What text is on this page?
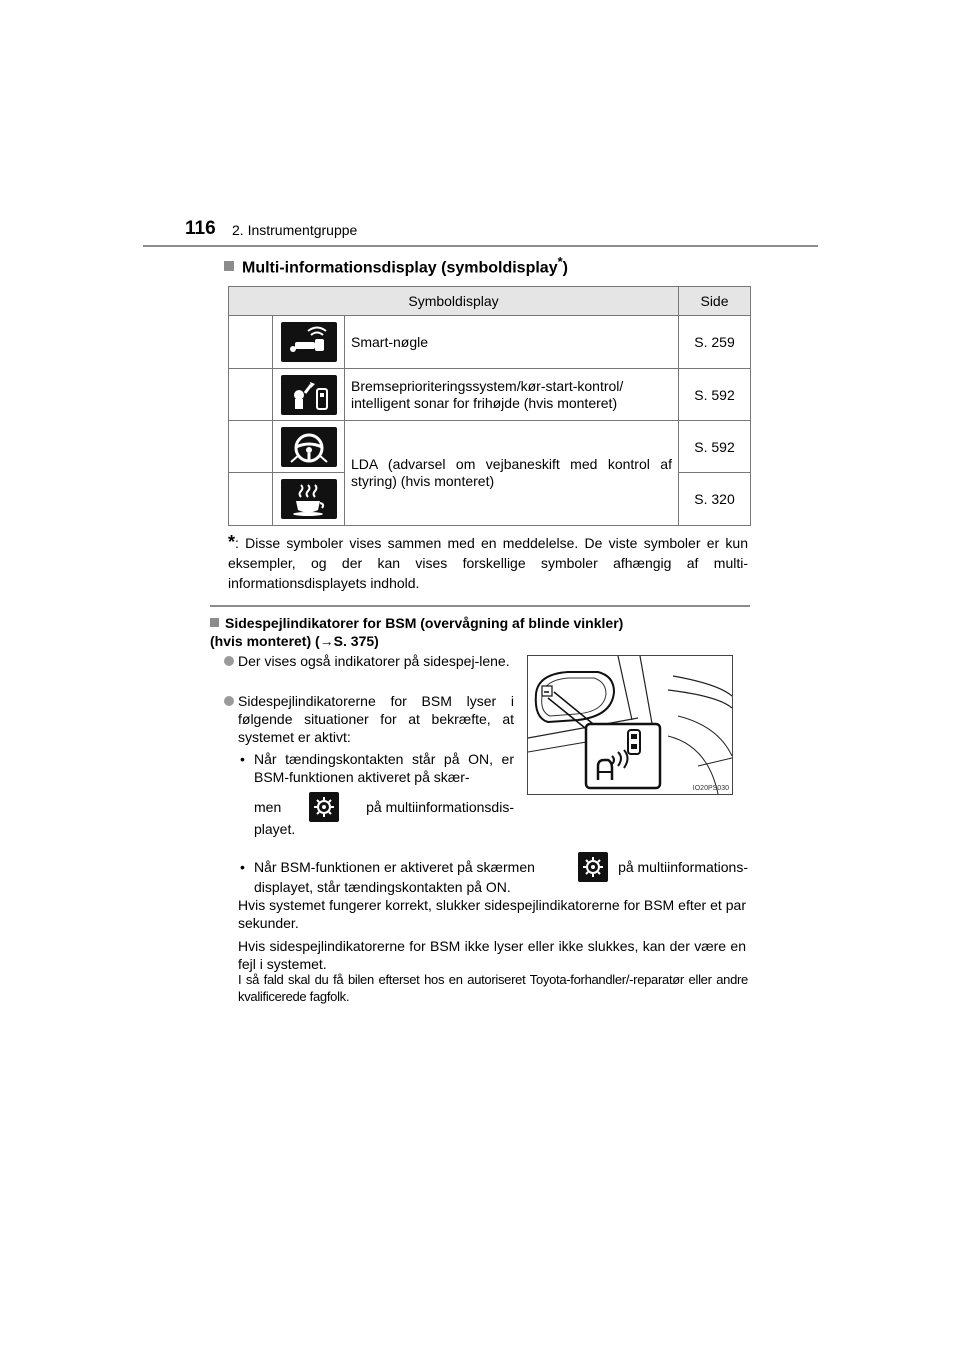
116 2. Instrumentgruppe
Multi-informationsdisplay (symboldisplay*)
Symboldisplay			Side

	Smart-nøgle	S. 259

Bremseprioriteringssystem/kør-start-kontrol/ intelligent sonar for frihøjde (hvis monteret)	S. 592

LDA (advarsel om vejbaneskift med kontrol af styring) (hvis monteret)	S. 592

	S. 320
*: Disse symboler vises sammen med en meddelelse. De viste symboler er kun eksempler, og der kan vises forskellige symboler afhængig af multi-informationsdisplayets indhold.
Sidespejlindikatorer for BSM (overvågning af blinde vinkler)
(hvis monteret) (→S. 375)
Der vises også indikatorer på sidespej-lene.
Sidespejlindikatorerne for BSM lyser i følgende situationer for at bekræfte, at systemet er aktivt:
• Når tændingskontakten står på ON, er BSM-funktionen aktiveret på skær-
men	på multiinformationsdis-
playet.
IO20PS030
• Når BSM-funktionen er aktiveret på skærmen	på multiinformations-
displayet, står tændingskontakten på ON.
Hvis systemet fungerer korrekt, slukker sidespejlindikatorerne for BSM efter et par sekunder.
Hvis sidespejlindikatorerne for BSM ikke lyser eller ikke slukkes, kan der være en fejl i systemet.
I så fald skal du få bilen efterset hos en autoriseret Toyota-forhandler/-reparatør eller andre kvalificerede fagfolk.
